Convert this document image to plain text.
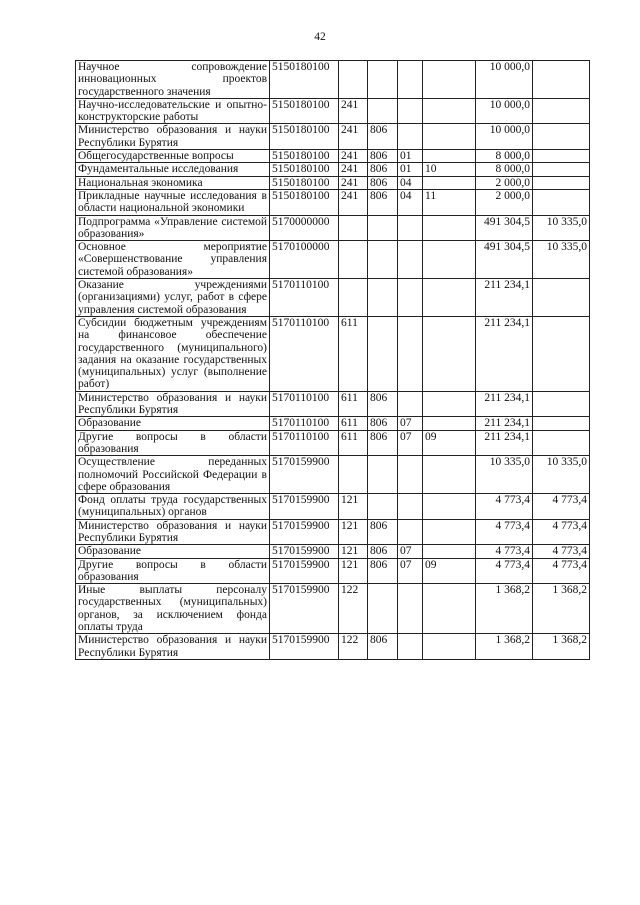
42
Научное сопровождение инновационных проектов государственного значения	5150180100					10 000,0	
Научно-исследовательские и опытно-конструкторские работы	5150180100	241				10 000,0	
Министерство образования и науки Республики Бурятия	5150180100	241	806			10 000,0	
Общегосударственные вопросы	5150180100	241	806	01		8 000,0	
Фундаментальные исследования	5150180100	241	806	01	10	8 000,0	
Национальная экономика	5150180100	241	806	04		2 000,0	
Прикладные научные исследования в области национальной экономики	5150180100	241	806	04	11	2 000,0	
Подпрограмма «Управление системой образования»	5170000000					491 304,5	10 335,0
Основное мероприятие «Совершенствование управления системой образования»	5170100000					491 304,5	10 335,0
Оказание учреждениями (организациями) услуг, работ в сфере управления системой образования	5170110100					211 234,1	
Субсидии бюджетным учреждениям на финансовое обеспечение государственного (муниципального) задания на оказание государственных (муниципальных) услуг (выполнение работ)	5170110100	611				211 234,1	
Министерство образования и науки Республики Бурятия	5170110100	611	806			211 234,1	
Образование	5170110100	611	806	07		211 234,1	
Другие вопросы в области образования	5170110100	611	806	07	09	211 234,1	
Осуществление переданных полномочий Российской Федерации в сфере образования	5170159900					10 335,0	10 335,0
Фонд оплаты труда государственных (муниципальных) органов	5170159900	121				4 773,4	4 773,4
Министерство образования и науки Республики Бурятия	5170159900	121	806			4 773,4	4 773,4
Образование	5170159900	121	806	07		4 773,4	4 773,4
Другие вопросы в области образования	5170159900	121	806	07	09	4 773,4	4 773,4
Иные выплаты персоналу государственных (муниципальных) органов, за исключением фонда оплаты труда	5170159900	122				1 368,2	1 368,2
Министерство образования и науки Республики Бурятия	5170159900	122	806			1 368,2	1 368,2
